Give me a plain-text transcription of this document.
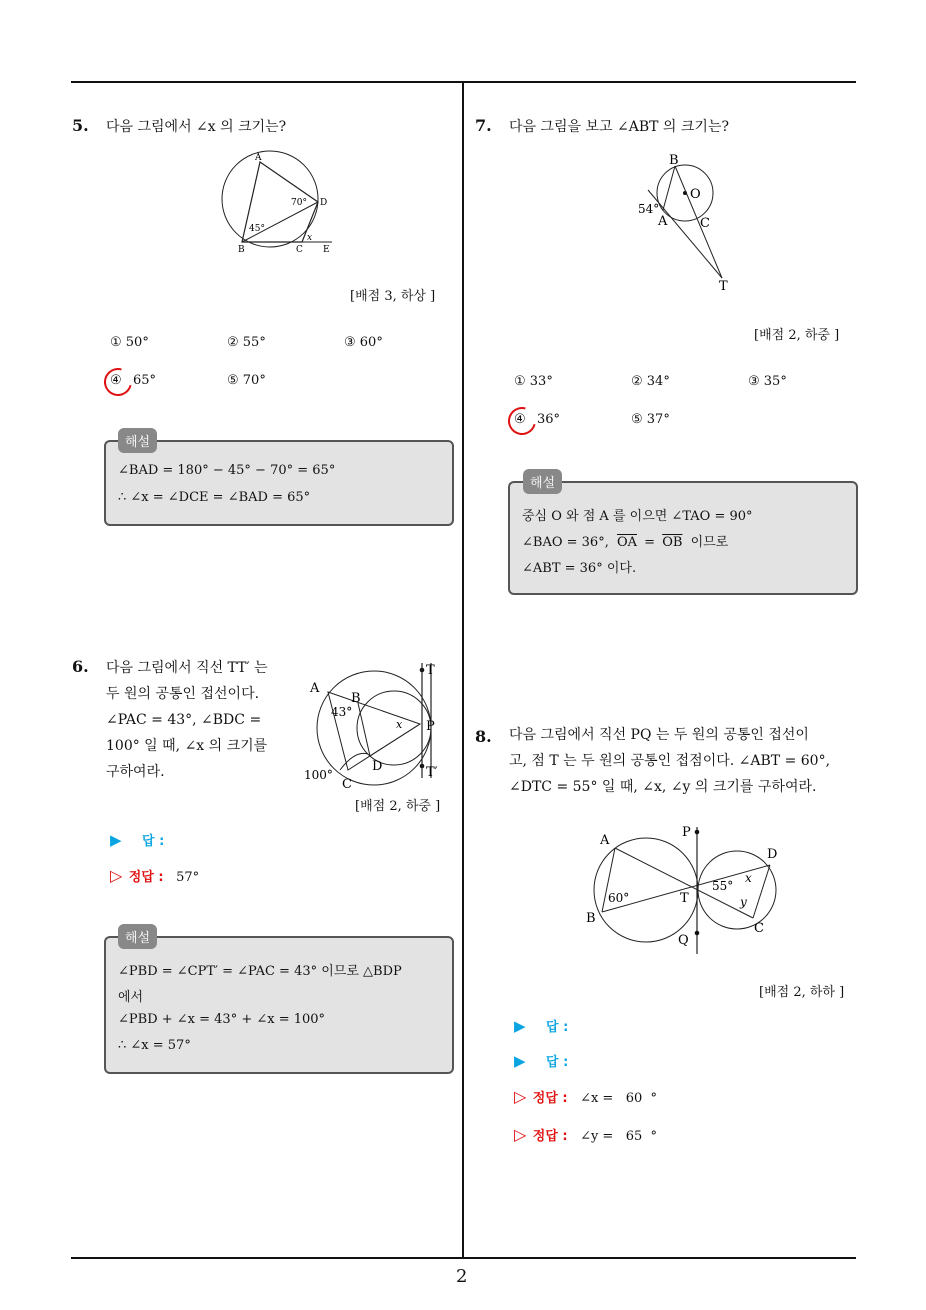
2
5. 다음 그림에서 ∠x 의 크기는?
A
B	C
D
E
70°
45°
x
[배점 3, 하상 ]
① 50°	② 55°	③ 60°
④ 65°	⑤ 70°
∠BAD = 180° − 45° − 70° = 65°
∴ ∠x = ∠DCE = ∠BAD = 65°
해설
6. 다음 그림에서 직선 TT′ 는
두 원의 공통인 접선이다.
∠PAC = 43°, ∠BDC =
100° 일 때, ∠x 의 크기를
구하여라.
T
T′
A
B
P
C
D
43°
100°
x
[배점 2, 하중 ]
▶ 답 :
▷ 정답 : 57°
∠PBD = ∠CPT′ = ∠PAC = 43° 이므로 △BDP
에서
∠PBD + ∠x = 43° + ∠x = 100°
∴ ∠x = 57°
해설
7. 다음 그림을 보고 ∠ABT 의 크기는?
B
O
A	C
T
54°
[배점 2, 하중 ]
① 33°	② 34°	③ 35°
④ 36°	⑤ 37°
중심 O 와 점 A 를 이으면 ∠TAO = 90°
∠BAO = 36°, $\overline{OA} = \overline{OB}$ 이므로
∠ABT = 36° 이다.
해설
8. 다음 그림에서 직선 PQ 는 두 원의 공통인 접선이
고, 점 T 는 두 원의 공통인 접점이다. ∠ABT = 60°,
∠DTC = 55° 일 때, ∠x, ∠y 의 크기를 구하여라.
A
P
D
B
T
Q
C
60°
55°
x
y
[배점 2, 하하 ]
▶ 답 :
▶ 답 :
▷ 정답 : ∠x =   60  °
▷ 정답 : ∠y =   65  °
